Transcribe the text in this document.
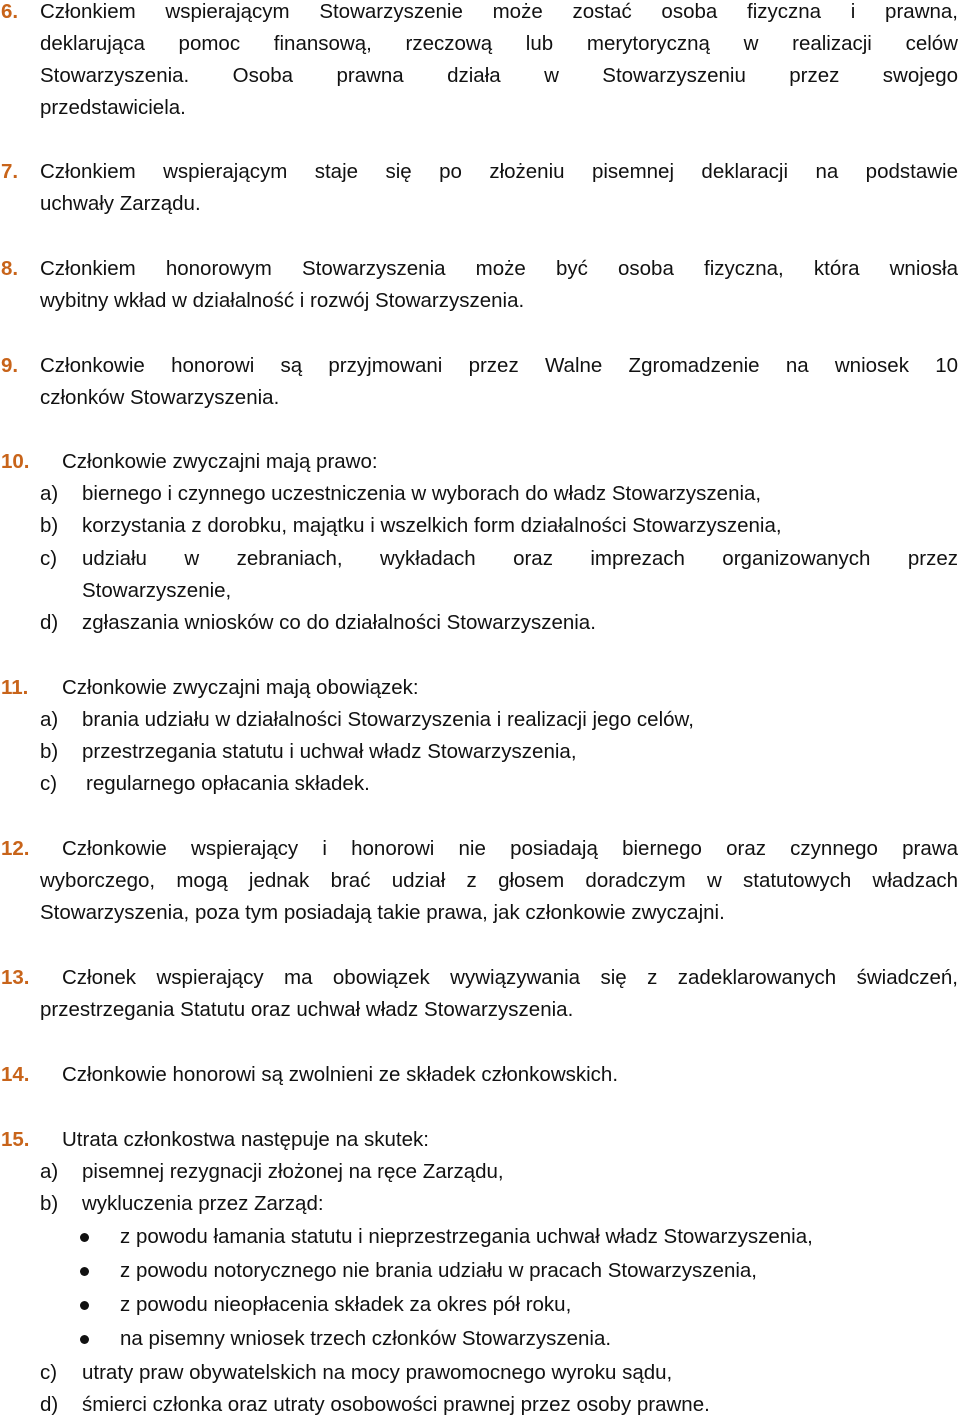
6. Członkiem wspierającym Stowarzyszenie może zostać osoba fizyczna i prawna,
deklarująca pomoc finansową, rzeczową lub merytoryczną w realizacji celów
Stowarzyszenia. Osoba prawna działa w Stowarzyszeniu przez swojego
przedstawiciela.
7. Członkiem wspierającym staje się po złożeniu pisemnej deklaracji na podstawie
uchwały Zarządu.
8. Członkiem honorowym Stowarzyszenia może być osoba fizyczna, która wniosła
wybitny wkład w działalność i rozwój Stowarzyszenia.
9. Członkowie honorowi są przyjmowani przez Walne Zgromadzenie na wniosek 10
członków Stowarzyszenia.
10. Członkowie zwyczajni mają prawo:
a)	biernego i czynnego uczestniczenia w wyborach do władz Stowarzyszenia,
b)	korzystania z dorobku, majątku i wszelkich form działalności Stowarzyszenia,
c)	udziału w zebraniach, wykładach oraz imprezach organizowanych przez
Stowarzyszenie,
d)	zgłaszania wniosków co do działalności Stowarzyszenia.
11. Członkowie zwyczajni mają obowiązek:
a)	brania udziału w działalności Stowarzyszenia i realizacji jego celów,
b)	przestrzegania statutu i uchwał władz Stowarzyszenia,
c)	regularnego opłacania składek.
12. Członkowie wspierający i honorowi nie posiadają biernego oraz czynnego prawa
wyborczego, mogą jednak brać udział z głosem doradczym w statutowych władzach
Stowarzyszenia, poza tym posiadają takie prawa, jak członkowie zwyczajni.
13. Członek wspierający ma obowiązek wywiązywania się z zadeklarowanych świadczeń,
przestrzegania Statutu oraz uchwał władz Stowarzyszenia.
14. Członkowie honorowi są zwolnieni ze składek członkowskich.
15. Utrata członkostwa następuje na skutek:
a)	pisemnej rezygnacji złożonej na ręce Zarządu,
b)	wykluczenia przez Zarząd:
z powodu łamania statutu i nieprzestrzegania uchwał władz Stowarzyszenia,
z powodu notorycznego nie brania udziału w pracach Stowarzyszenia,
z powodu nieopłacenia składek za okres pół roku,
na pisemny wniosek trzech członków Stowarzyszenia.
c)	utraty praw obywatelskich na mocy prawomocnego wyroku sądu,
d)	śmierci członka oraz utraty osobowości prawnej przez osoby prawne.
